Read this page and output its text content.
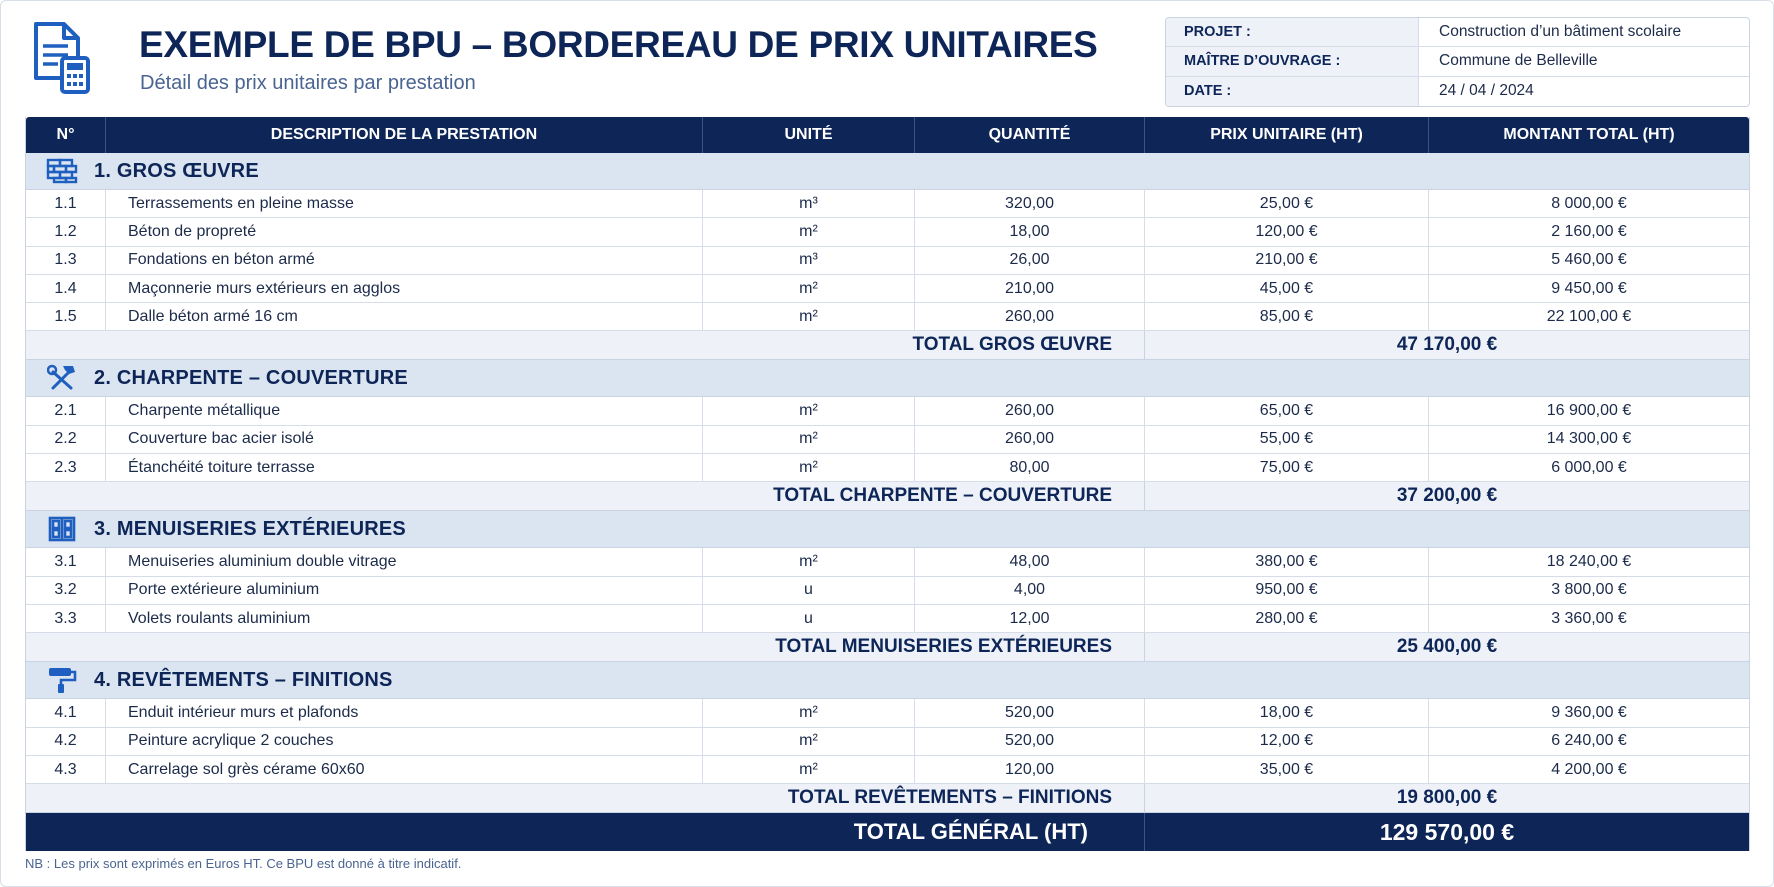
EXEMPLE DE BPU – BORDEREAU DE PRIX UNITAIRES
Détail des prix unitaires par prestation
PROJET :	Construction d’un bâtiment scolaire
MAÎTRE D’OUVRAGE :	Commune de Belleville
DATE :	24 / 04 / 2024
N°	DESCRIPTION DE LA PRESTATION	UNITÉ	QUANTITÉ	PRIX UNITAIRE (HT)	MONTANT TOTAL (HT)
1. GROS ŒUVRE
1.1	Terrassements en pleine masse	m³	320,00	25,00 €	8 000,00 €
1.2	Béton de propreté	m²	18,00	120,00 €	2 160,00 €
1.3	Fondations en béton armé	m³	26,00	210,00 €	5 460,00 €
1.4	Maçonnerie murs extérieurs en agglos	m²	210,00	45,00 €	9 450,00 €
1.5	Dalle béton armé 16 cm	m²	260,00	85,00 €	22 100,00 €
TOTAL GROS ŒUVRE	47 170,00 €
2. CHARPENTE – COUVERTURE
2.1	Charpente métallique	m²	260,00	65,00 €	16 900,00 €
2.2	Couverture bac acier isolé	m²	260,00	55,00 €	14 300,00 €
2.3	Étanchéité toiture terrasse	m²	80,00	75,00 €	6 000,00 €
TOTAL CHARPENTE – COUVERTURE	37 200,00 €
3. MENUISERIES EXTÉRIEURES
3.1	Menuiseries aluminium double vitrage	m²	48,00	380,00 €	18 240,00 €
3.2	Porte extérieure aluminium	u	4,00	950,00 €	3 800,00 €
3.3	Volets roulants aluminium	u	12,00	280,00 €	3 360,00 €
TOTAL MENUISERIES EXTÉRIEURES	25 400,00 €
4. REVÊTEMENTS – FINITIONS
4.1	Enduit intérieur murs et plafonds	m²	520,00	18,00 €	9 360,00 €
4.2	Peinture acrylique 2 couches	m²	520,00	12,00 €	6 240,00 €
4.3	Carrelage sol grès cérame 60x60	m²	120,00	35,00 €	4 200,00 €
TOTAL REVÊTEMENTS – FINITIONS	19 800,00 €
TOTAL GÉNÉRAL (HT)	129 570,00 €
NB : Les prix sont exprimés en Euros HT. Ce BPU est donné à titre indicatif.
